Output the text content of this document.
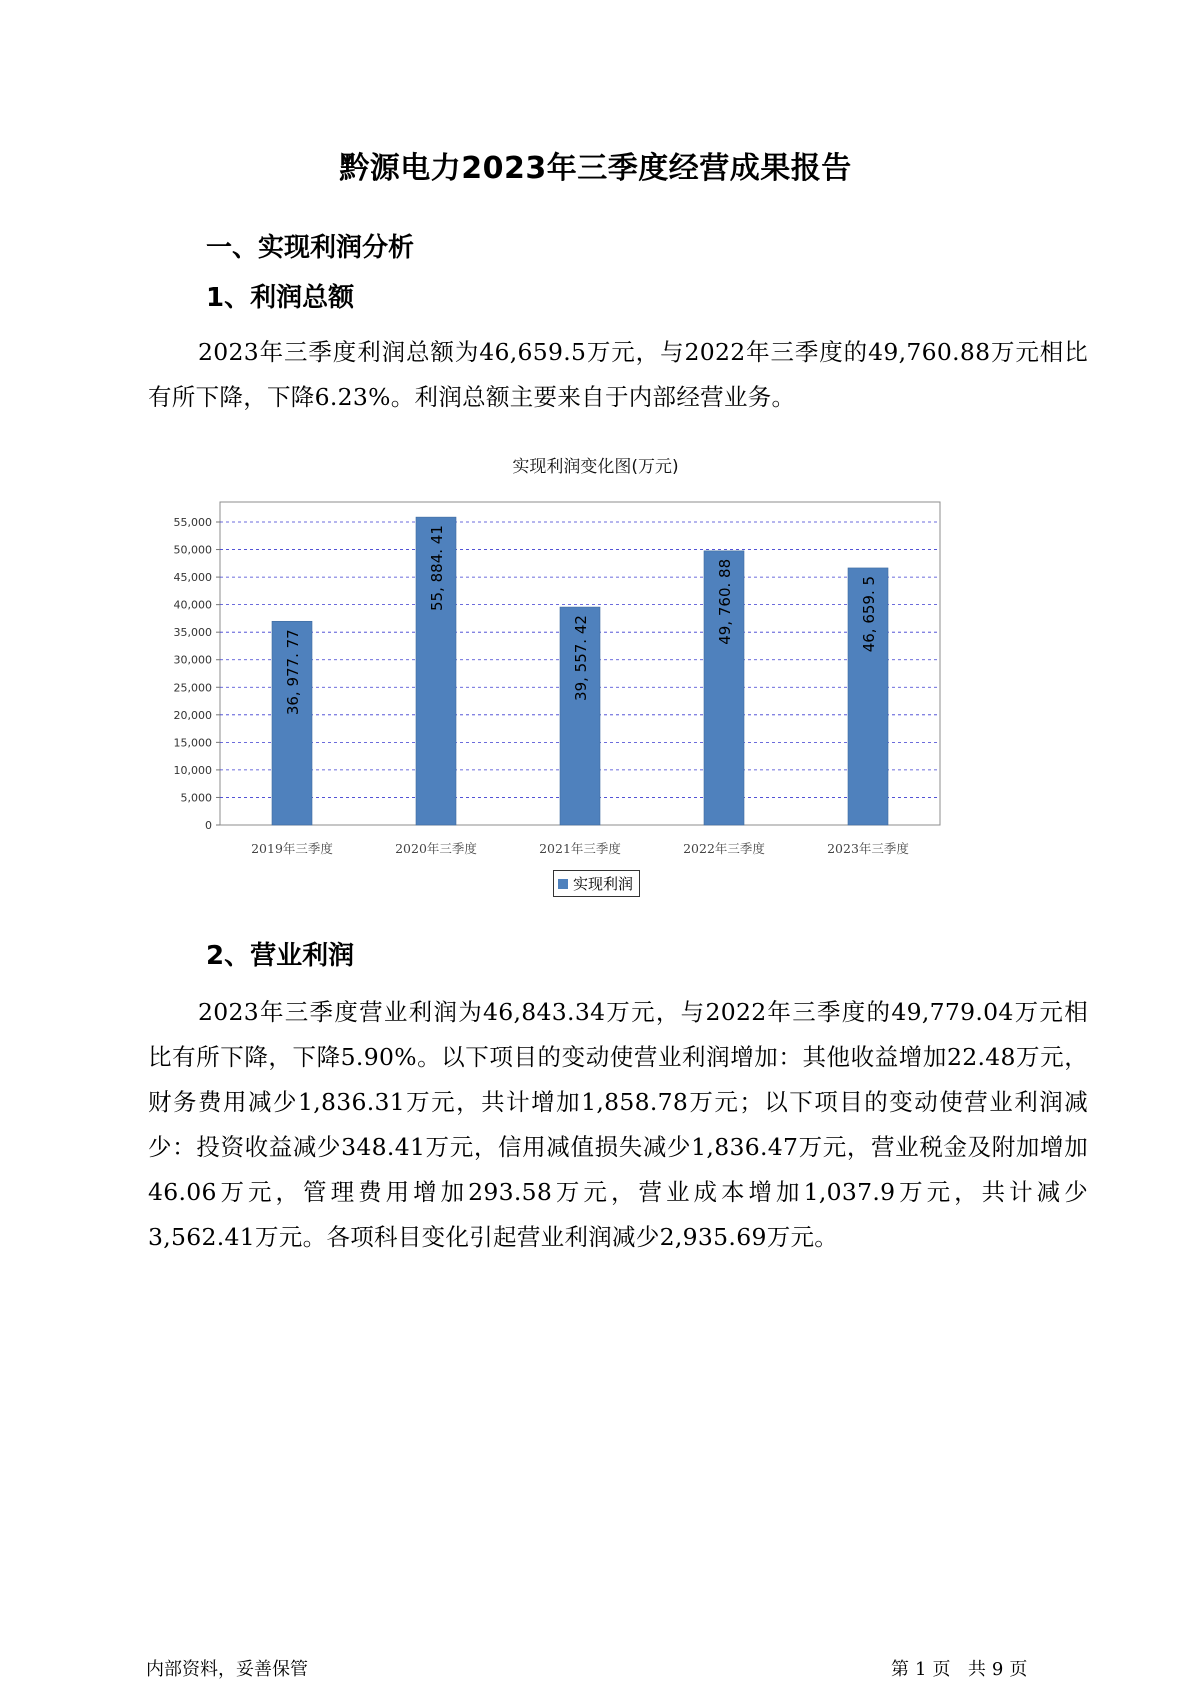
黔源电力2023年三季度经营成果报告
一、实现利润分析
1、利润总额
2023年三季度利润总额为46,659.5万元，与2022年三季度的49,760.88万元相比有所下降，下降6.23%。利润总额主要来自于内部经营业务。
实现利润变化图(万元)
0
5,000
10,000
15,000
20,000
25,000
30,000
35,000
40,000
45,000
50,000
55,000
36, 977. 77
2019年三季度
55, 884. 41
2020年三季度
39, 557. 42
2021年三季度
49, 760. 88
2022年三季度
46, 659. 5
2023年三季度
2、营业利润
2023年三季度营业利润为46,843.34万元，与2022年三季度的49,779.04万元相比有所下降，下降5.90%。以下项目的变动使营业利润增加：其他收益增加22.48万元，财务费用减少1,836.31万元，共计增加1,858.78万元；以下项目的变动使营业利润减少：投资收益减少348.41万元，信用减值损失减少1,836.47万元，营业税金及附加增加46.06万元，管理费用增加293.58万元，营业成本增加1,037.9万元，共计减少3,562.41万元。各项科目变化引起营业利润减少2,935.69万元。
内部资料，妥善保管	第 1 页 共 9 页
实现利润
